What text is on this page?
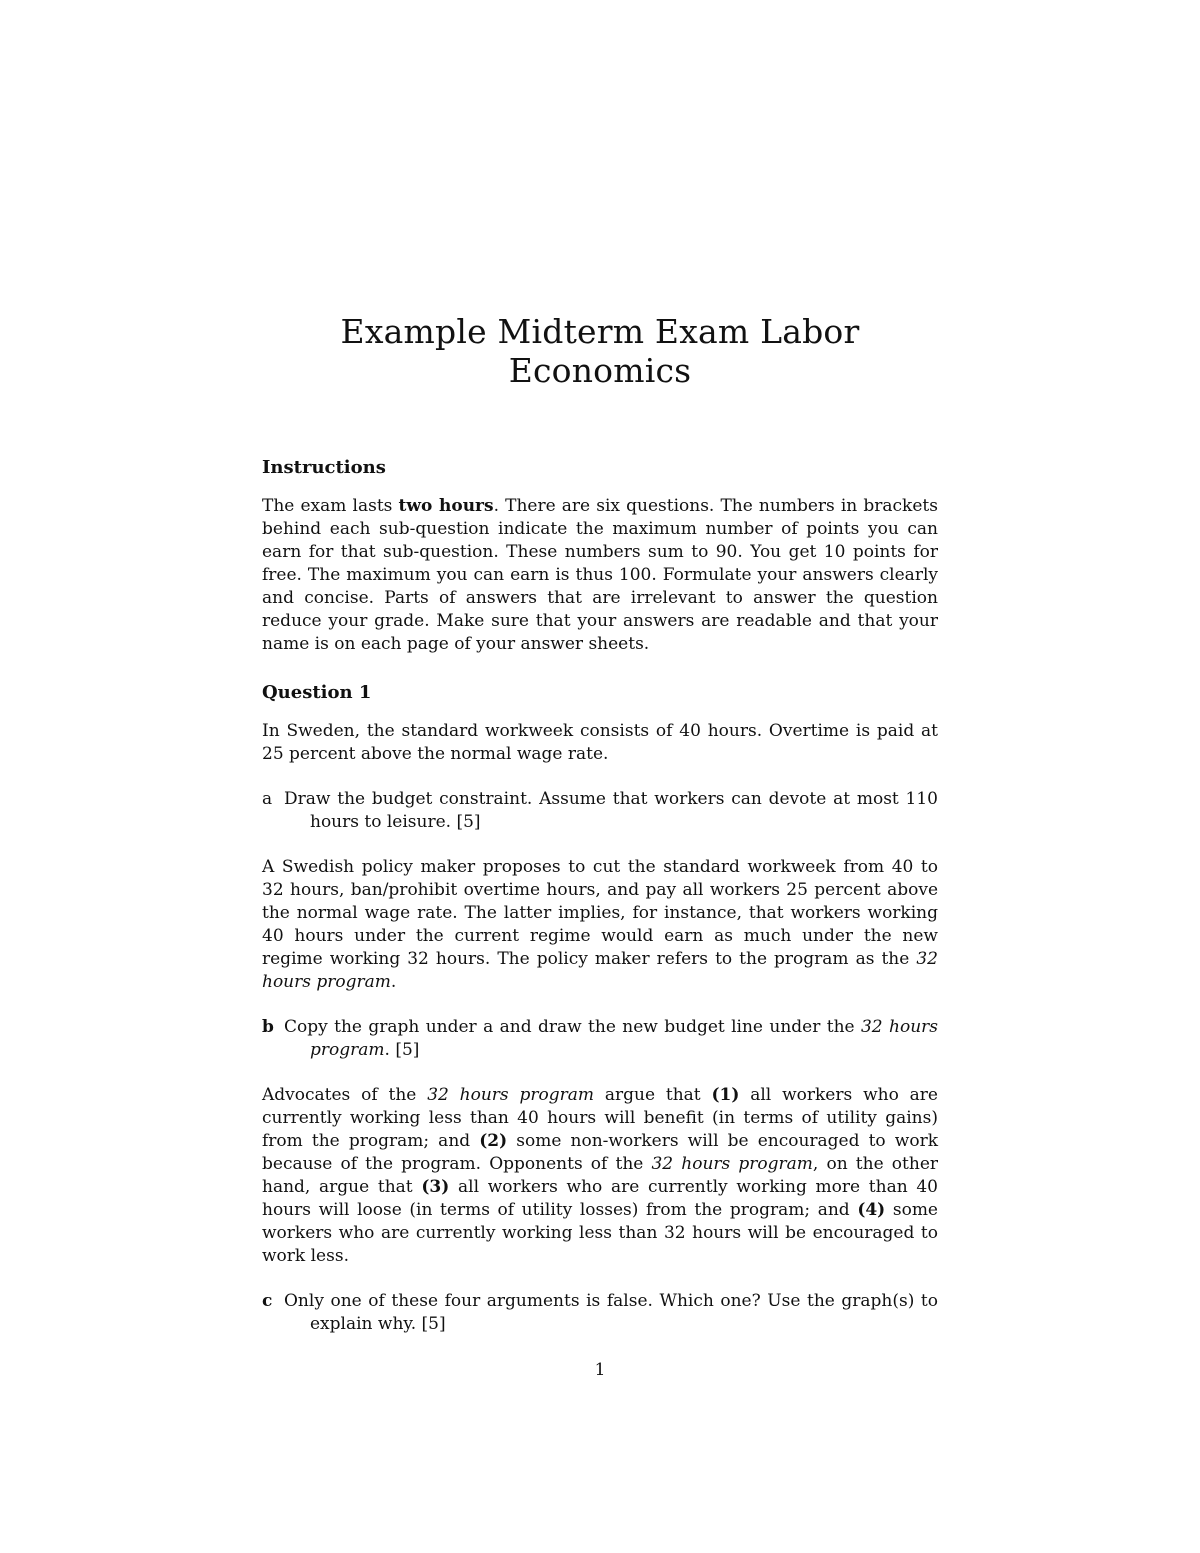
Example Midterm Exam Labor Economics
Instructions

The exam lasts two hours. There are six questions. The numbers in brackets behind each sub-question indicate the maximum number of points you can earn for that sub-question. These numbers sum to 90. You get 10 points for free. The maximum you can earn is thus 100. Formulate your answers clearly and concise. Parts of answers that are irrelevant to answer the question reduce your grade. Make sure that your answers are readable and that your name is on each page of your answer sheets.

Question 1

In Sweden, the standard workweek consists of 40 hours. Overtime is paid at 25 percent above the normal wage rate.

a Draw the budget constraint. Assume that workers can devote at most 110 hours to leisure. [5]

A Swedish policy maker proposes to cut the standard workweek from 40 to 32 hours, ban/prohibit overtime hours, and pay all workers 25 percent above the normal wage rate. The latter implies, for instance, that workers working 40 hours under the current regime would earn as much under the new regime working 32 hours. The policy maker refers to the program as the 32 hours program.

b Copy the graph under a and draw the new budget line under the 32 hours program. [5]

Advocates of the 32 hours program argue that (1) all workers who are currently working less than 40 hours will benefit (in terms of utility gains) from the program; and (2) some non-workers will be encouraged to work because of the program. Opponents of the 32 hours program, on the other hand, argue that (3) all workers who are currently working more than 40 hours will loose (in terms of utility losses) from the program; and (4) some workers who are currently working less than 32 hours will be encouraged to work less.

c Only one of these four arguments is false. Which one? Use the graph(s) to explain why. [5]

1
